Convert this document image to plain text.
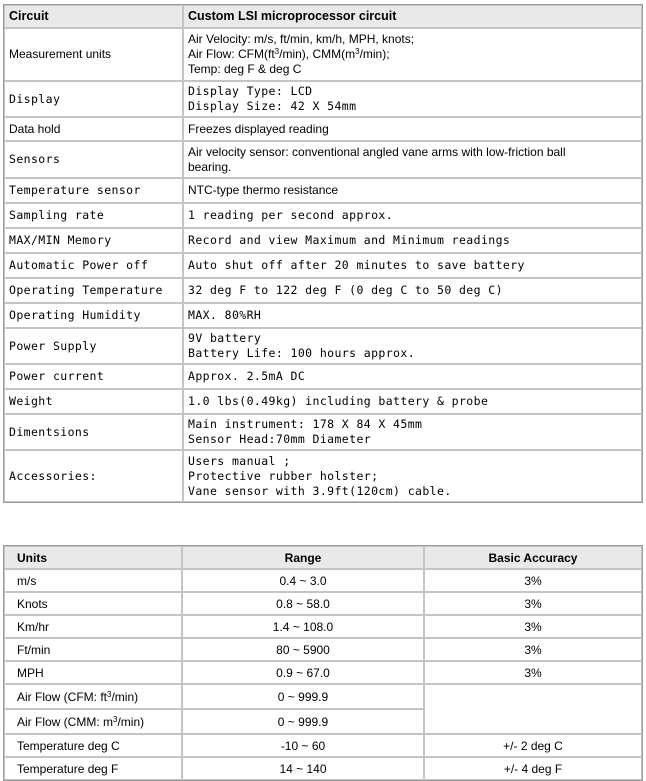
Circuit	Custom LSI microprocessor circuit
Measurement units	Air Velocity: m/s, ft/min, km/h, MPH, knots;
Air Flow: $CFM(ft^3/\min)$, $CMM(m^3/\min)$;
Temp: deg F & deg C

Display	Display Type: LCD
Display Size: 42 X 54mm

Data hold	Freezes displayed reading
Sensors	Air velocity sensor: conventional angled vane arms with low-friction ball
bearing.

Temperature sensor	NTC-type thermo resistance
Sampling rate	1 reading per second approx.
MAX/MIN Memory	Record and view Maximum and Minimum readings
Automatic Power off	Auto shut off after 20 minutes to save battery
Operating Temperature	32 deg F to 122 deg F (0 deg C to 50 deg C)
Operating Humidity	MAX. 80%RH
Power Supply	9V battery
Battery Life: 100 hours approx.

Power current	Approx. 2.5mA DC
Weight	1.0 lbs(0.49kg) including battery & probe
Dimentsions	Main instrument: 178 X 84 X 45mm
Sensor Head:70mm Diameter

Accessories:	Users manual ;
Protective rubber holster;
Vane sensor with 3.9ft(120cm) cable.
Units	Range	Basic Accuracy
m/s	0.4 ~ 3.0	3%
Knots	0.8 ~ 58.0	3%
Km/hr	1.4 ~ 108.0	3%
Ft/min	80 ~ 5900	3%
MPH	0.9 ~ 67.0	3%
Air Flow (CFM: $ft^3/\min$)	0 ~ 999.9	
Air Flow (CMM: $m^3/\min$)	0 ~ 999.9	
Temperature deg C	-10 ~ 60	+/- 2 deg C
Temperature deg F	14 ~ 140	+/- 4 deg F
